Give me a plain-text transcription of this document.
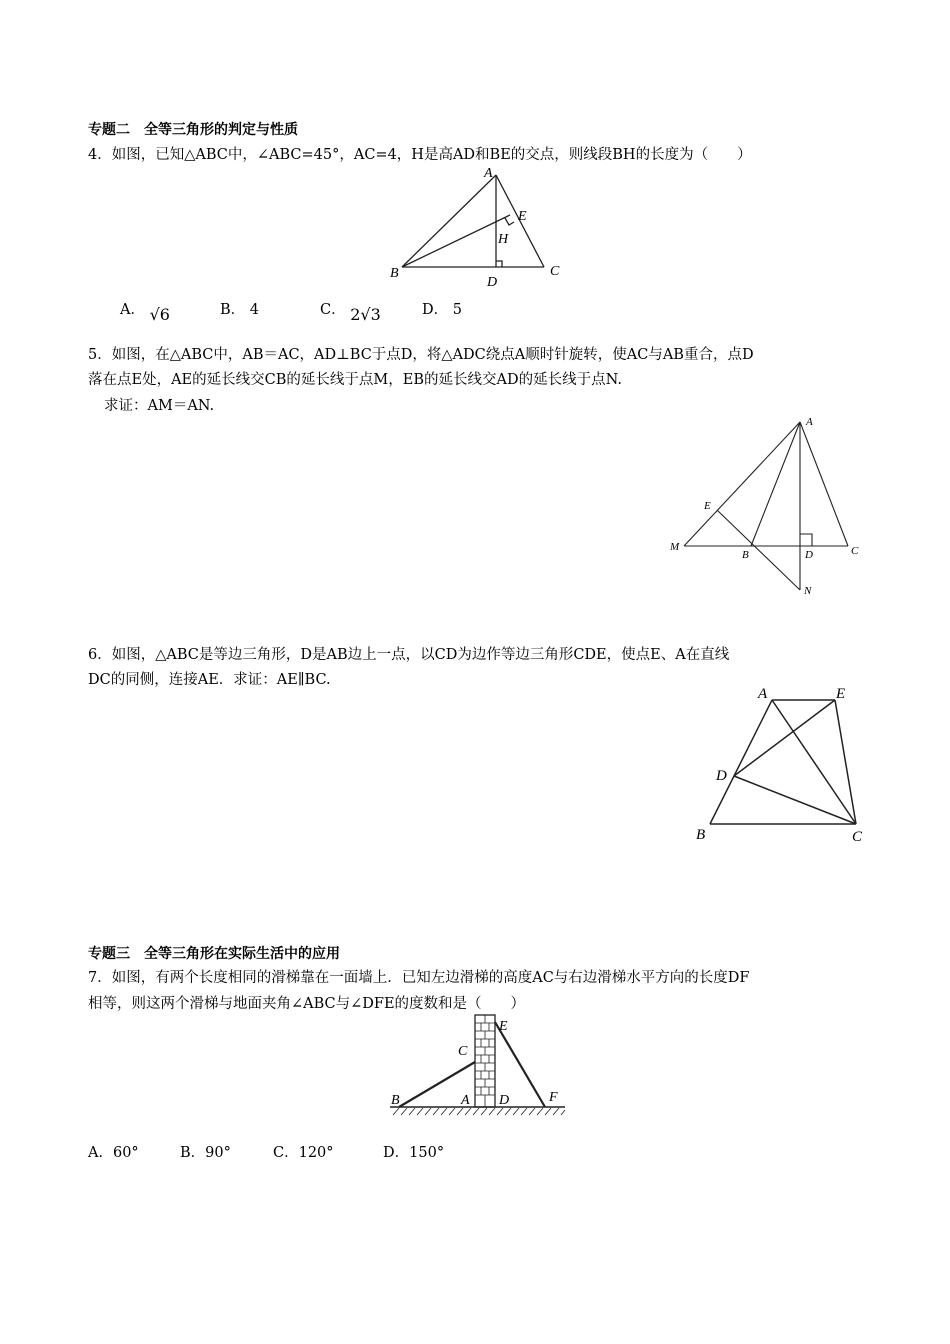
专题二　全等三角形的判定与性质
4．如图，已知△ABC中，∠ABC=45°，AC=4，H是高AD和BE的交点，则线段BH的长度为（　　）
A
E
H
B
D
C
A． √6	B． 4	C． 2√3	D． 5
5．如图，在△ABC中，AB＝AC，AD⊥BC于点D，将△ADC绕点A顺时针旋转，使AC与AB重合，点D
落在点E处，AE的延长线交CB的延长线于点M，EB的延长线交AD的延长线于点N.
求证：AM＝AN.
A
E
M
B	D	C
N
6．如图，△ABC是等边三角形，D是AB边上一点，以CD为边作等边三角形CDE，使点E、A在直线
DC的同侧，连接AE．求证：AE∥BC.
A	E
D
B	C
专题三　全等三角形在实际生活中的应用
7．如图，有两个长度相同的滑梯靠在一面墙上．已知左边滑梯的高度AC与右边滑梯水平方向的长度DF
相等，则这两个滑梯与地面夹角∠ABC与∠DFE的度数和是（　　）
E
C
B	A D	F
A．60°	B．90°	C．120°	D．150°
